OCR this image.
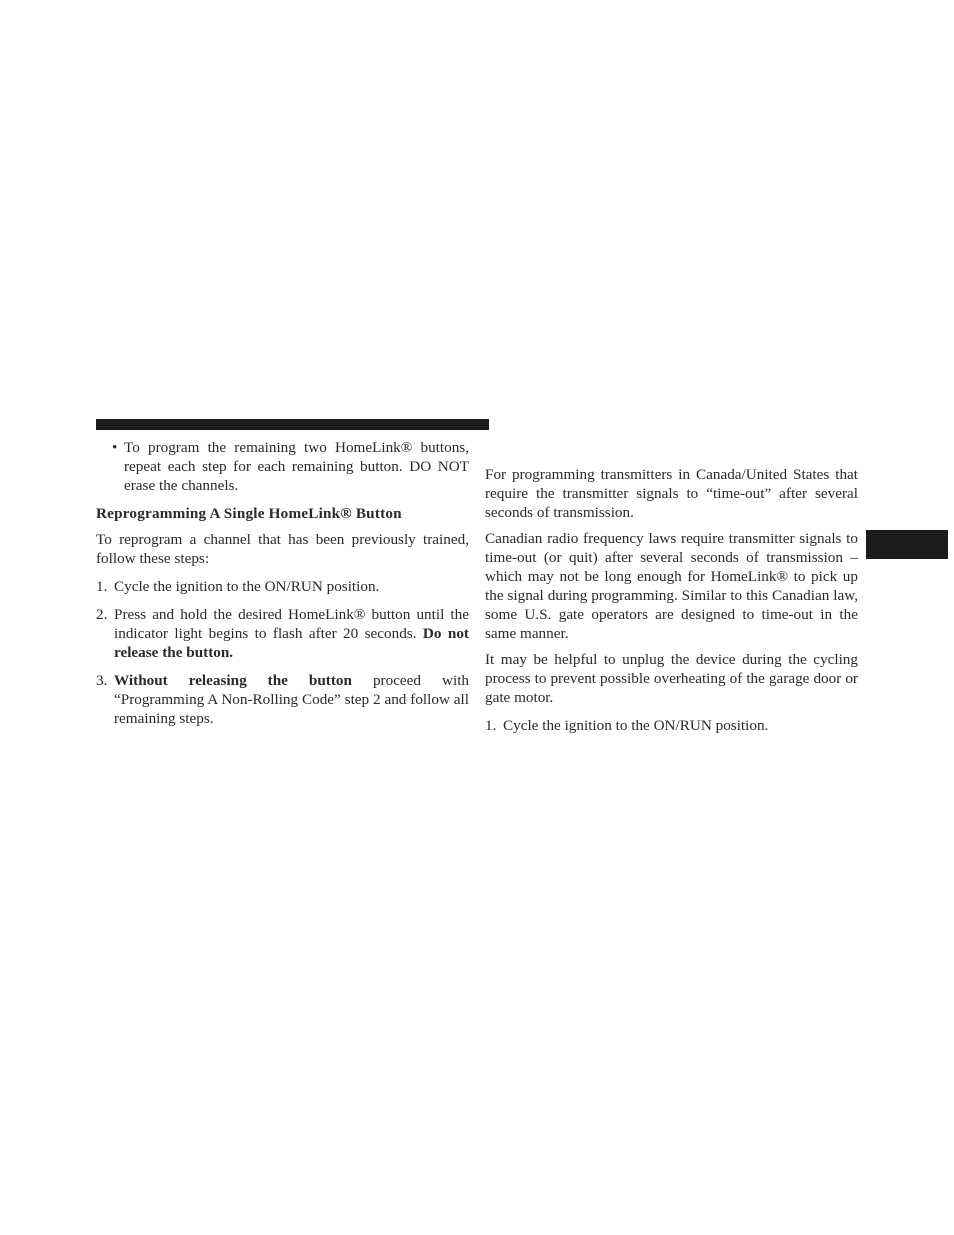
• To program the remaining two HomeLink® buttons, repeat each step for each remaining button. DO NOT erase the channels.

Reprogramming A Single HomeLink® Button

To reprogram a channel that has been previously trained, follow these steps:

1. Cycle the ignition to the ON/RUN position.
2. Press and hold the desired HomeLink® button until the indicator light begins to flash after 20 seconds. Do not release the button.
3. Without releasing the button proceed with “Programming A Non-Rolling Code” step 2 and follow all remaining steps.

For programming transmitters in Canada/United States that require the transmitter signals to “time-out” after several seconds of transmission.

Canadian radio frequency laws require transmitter signals to time-out (or quit) after several seconds of transmission – which may not be long enough for HomeLink® to pick up the signal during programming. Similar to this Canadian law, some U.S. gate operators are designed to time-out in the same manner.

It may be helpful to unplug the device during the cycling process to prevent possible overheating of the garage door or gate motor.

1. Cycle the ignition to the ON/RUN position.
